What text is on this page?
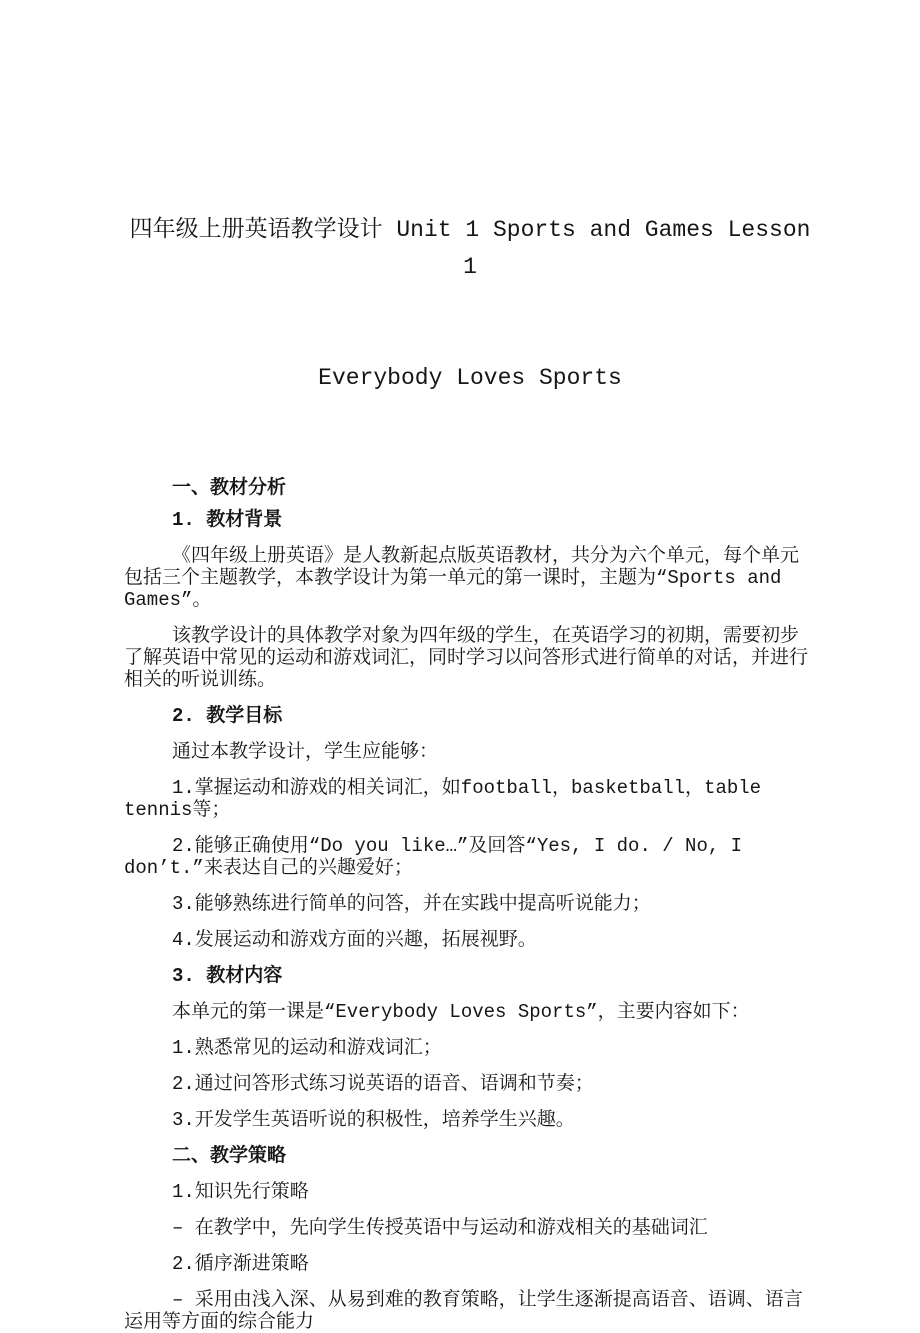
四年级上册英语教学设计 Unit 1 Sports and Games Lesson 1

Everybody Loves Sports

一、教材分析
1. 教材背景
《四年级上册英语》是人教新起点版英语教材，共分为六个单元，每个单元包括三个主题教学，本教学设计为第一单元的第一课时，主题为“Sports and Games”。
该教学设计的具体教学对象为四年级的学生，在英语学习的初期，需要初步了解英语中常见的运动和游戏词汇，同时学习以问答形式进行简单的对话，并进行相关的听说训练。
2. 教学目标
通过本教学设计，学生应能够：
1.掌握运动和游戏的相关词汇，如football，basketball，table tennis等；
2.能够正确使用“Do you like…”及回答“Yes, I do. / No, I don’t.”来表达自己的兴趣爱好；
3.能够熟练进行简单的问答，并在实践中提高听说能力；
4.发展运动和游戏方面的兴趣，拓展视野。
3. 教材内容
本单元的第一课是“Everybody Loves Sports”，主要内容如下：
1.熟悉常见的运动和游戏词汇；
2.通过问答形式练习说英语的语音、语调和节奏；
3.开发学生英语听说的积极性，培养学生兴趣。
二、教学策略
1.知识先行策略
– 在教学中，先向学生传授英语中与运动和游戏相关的基础词汇
2.循序渐进策略
– 采用由浅入深、从易到难的教育策略，让学生逐渐提高语音、语调、语言运用等方面的综合能力
